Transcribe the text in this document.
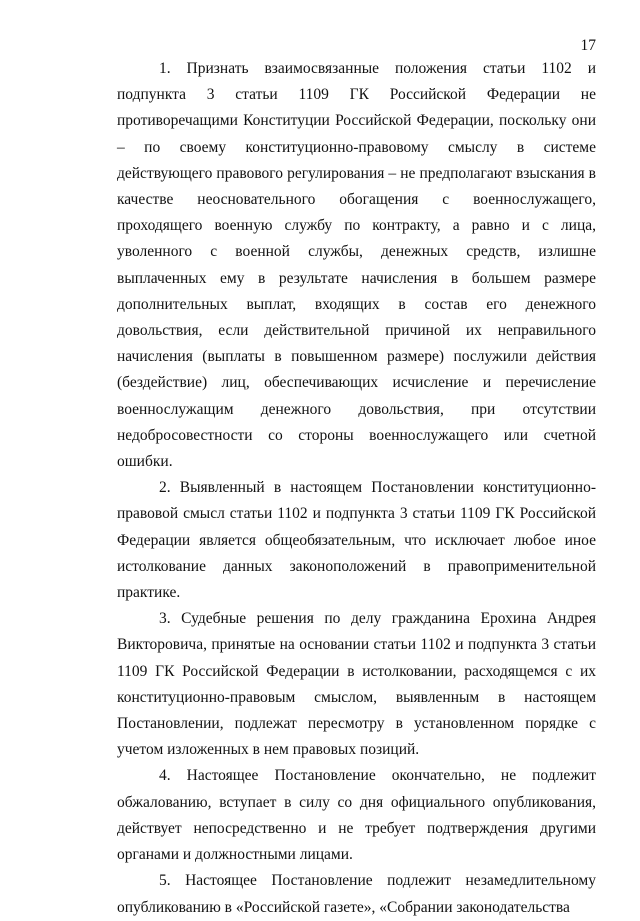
17

1. Признать взаимосвязанные положения статьи 1102 и подпункта 3 статьи 1109 ГК Российской Федерации не противоречащими Конституции Российской Федерации, поскольку они – по своему конституционно-правовому смыслу в системе действующего правового регулирования – не предполагают взыскания в качестве неосновательного обогащения с военнослужащего, проходящего военную службу по контракту, а равно и с лица, уволенного с военной службы, денежных средств, излишне выплаченных ему в результате начисления в большем размере дополнительных выплат, входящих в состав его денежного довольствия, если действительной причиной их неправильного начисления (выплаты в повышенном размере) послужили действия (бездействие) лиц, обеспечивающих исчисление и перечисление военнослужащим денежного довольствия, при отсутствии недобросовестности со стороны военнослужащего или счетной ошибки.

2. Выявленный в настоящем Постановлении конституционно-правовой смысл статьи 1102 и подпункта 3 статьи 1109 ГК Российской Федерации является общеобязательным, что исключает любое иное истолкование данных законоположений в правоприменительной практике.

3. Судебные решения по делу гражданина Ерохина Андрея Викторовича, принятые на основании статьи 1102 и подпункта 3 статьи 1109 ГК Российской Федерации в истолковании, расходящемся с их конституционно-правовым смыслом, выявленным в настоящем Постановлении, подлежат пересмотру в установленном порядке с учетом изложенных в нем правовых позиций.

4. Настоящее Постановление окончательно, не подлежит обжалованию, вступает в силу со дня официального опубликования, действует непосредственно и не требует подтверждения другими органами и должностными лицами.

5. Настоящее Постановление подлежит незамедлительному опубликованию в «Российской газете», «Собрании законодательства
